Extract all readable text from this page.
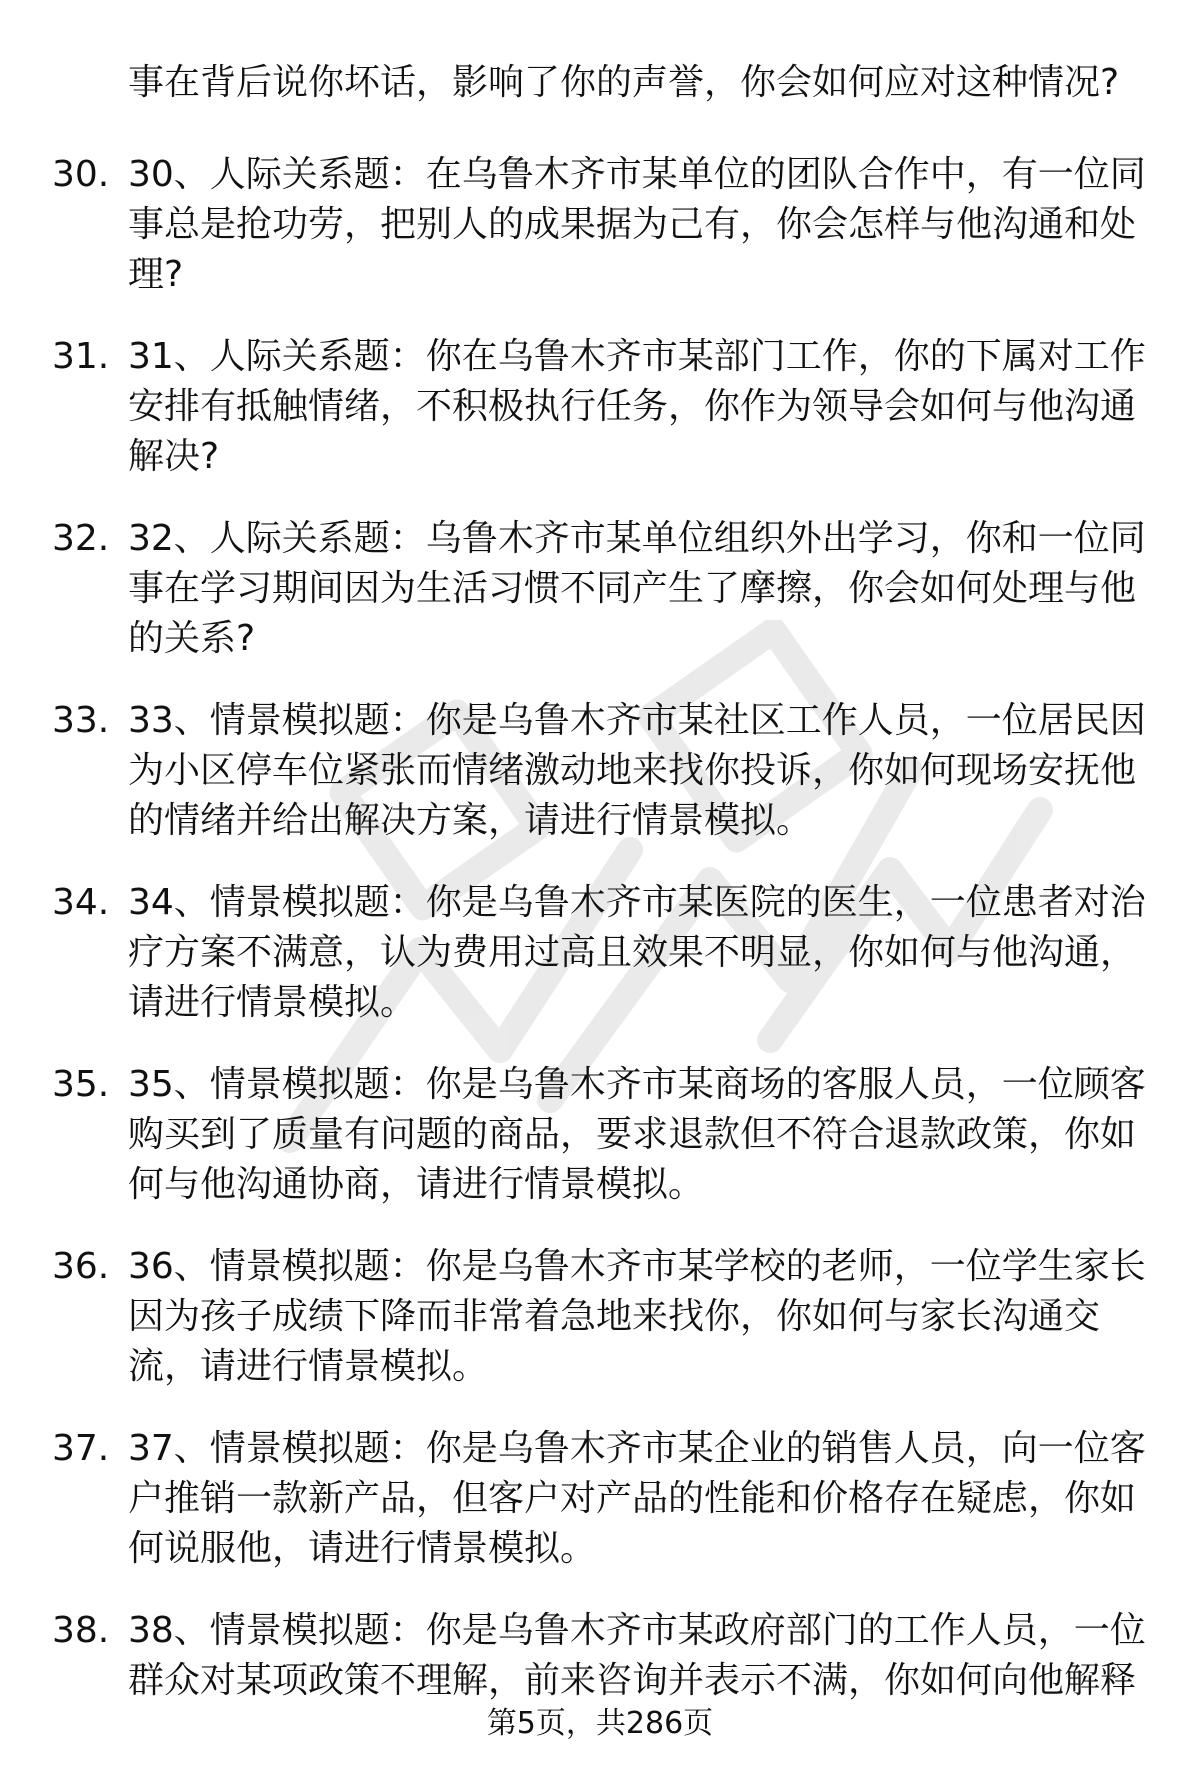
事在背后说你坏话，影响了你的声誉，你会如何应对这种情况?
30. 30、人际关系题：在乌鲁木齐市某单位的团队合作中，有一位同事总是抢功劳，把别人的成果据为己有，你会怎样与他沟通和处理?
31. 31、人际关系题：你在乌鲁木齐市某部门工作，你的下属对工作安排有抵触情绪，不积极执行任务，你作为领导会如何与他沟通解决?
32. 32、人际关系题：乌鲁木齐市某单位组织外出学习，你和一位同事在学习期间因为生活习惯不同产生了摩擦，你会如何处理与他的关系?
33. 33、情景模拟题：你是乌鲁木齐市某社区工作人员，一位居民因为小区停车位紧张而情绪激动地来找你投诉，你如何现场安抚他的情绪并给出解决方案，请进行情景模拟。
34. 34、情景模拟题：你是乌鲁木齐市某医院的医生，一位患者对治疗方案不满意，认为费用过高且效果不明显，你如何与他沟通，请进行情景模拟。
35. 35、情景模拟题：你是乌鲁木齐市某商场的客服人员，一位顾客购买到了质量有问题的商品，要求退款但不符合退款政策，你如何与他沟通协商，请进行情景模拟。
36. 36、情景模拟题：你是乌鲁木齐市某学校的老师，一位学生家长因为孩子成绩下降而非常着急地来找你，你如何与家长沟通交流，请进行情景模拟。
37. 37、情景模拟题：你是乌鲁木齐市某企业的销售人员，向一位客户推销一款新产品，但客户对产品的性能和价格存在疑虑，你如何说服他，请进行情景模拟。
38. 38、情景模拟题：你是乌鲁木齐市某政府部门的工作人员，一位群众对某项政策不理解，前来咨询并表示不满，你如何向他解释
第5页，共286页
